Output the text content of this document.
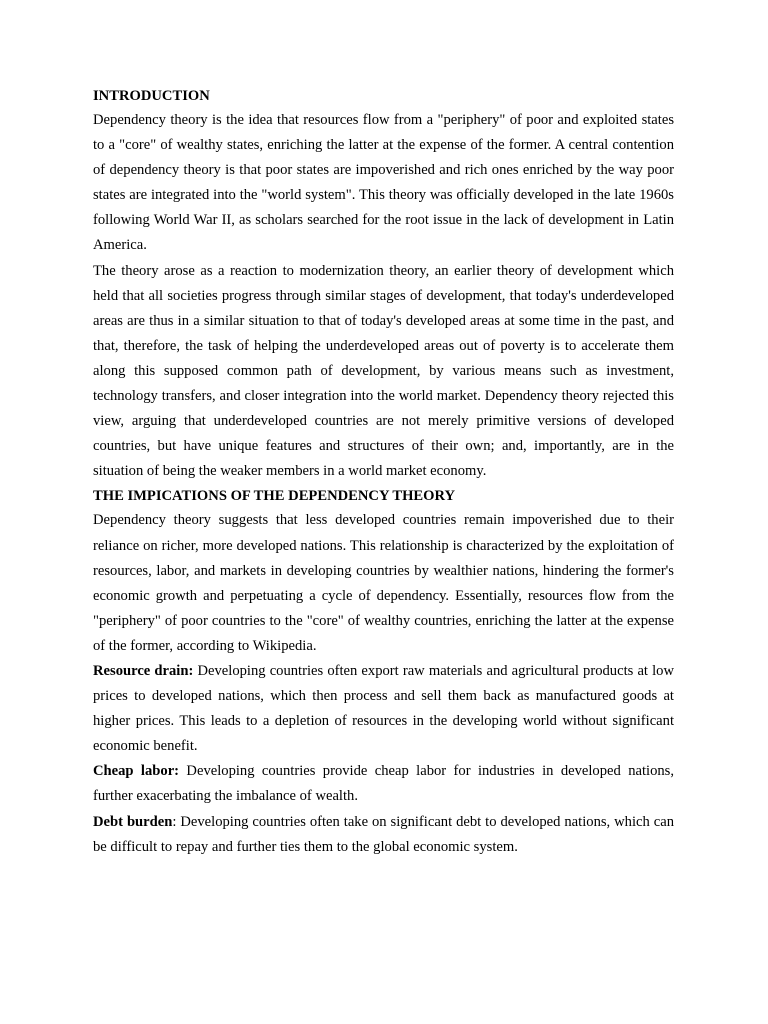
INTRODUCTION

Dependency theory is the idea that resources flow from a "periphery" of poor and exploited states to a "core" of wealthy states, enriching the latter at the expense of the former. A central contention of dependency theory is that poor states are impoverished and rich ones enriched by the way poor states are integrated into the "world system". This theory was officially developed in the late 1960s following World War II, as scholars searched for the root issue in the lack of development in Latin America.

The theory arose as a reaction to modernization theory, an earlier theory of development which held that all societies progress through similar stages of development, that today's underdeveloped areas are thus in a similar situation to that of today's developed areas at some time in the past, and that, therefore, the task of helping the underdeveloped areas out of poverty is to accelerate them along this supposed common path of development, by various means such as investment, technology transfers, and closer integration into the world market. Dependency theory rejected this view, arguing that underdeveloped countries are not merely primitive versions of developed countries, but have unique features and structures of their own; and, importantly, are in the situation of being the weaker members in a world market economy.

THE IMPICATIONS OF THE DEPENDENCY THEORY

Dependency theory suggests that less developed countries remain impoverished due to their reliance on richer, more developed nations. This relationship is characterized by the exploitation of resources, labor, and markets in developing countries by wealthier nations, hindering the former's economic growth and perpetuating a cycle of dependency. Essentially, resources flow from the "periphery" of poor countries to the "core" of wealthy countries, enriching the latter at the expense of the former, according to Wikipedia.

Resource drain: Developing countries often export raw materials and agricultural products at low prices to developed nations, which then process and sell them back as manufactured goods at higher prices. This leads to a depletion of resources in the developing world without significant economic benefit.

Cheap labor: Developing countries provide cheap labor for industries in developed nations, further exacerbating the imbalance of wealth.

Debt burden: Developing countries often take on significant debt to developed nations, which can be difficult to repay and further ties them to the global economic system.
